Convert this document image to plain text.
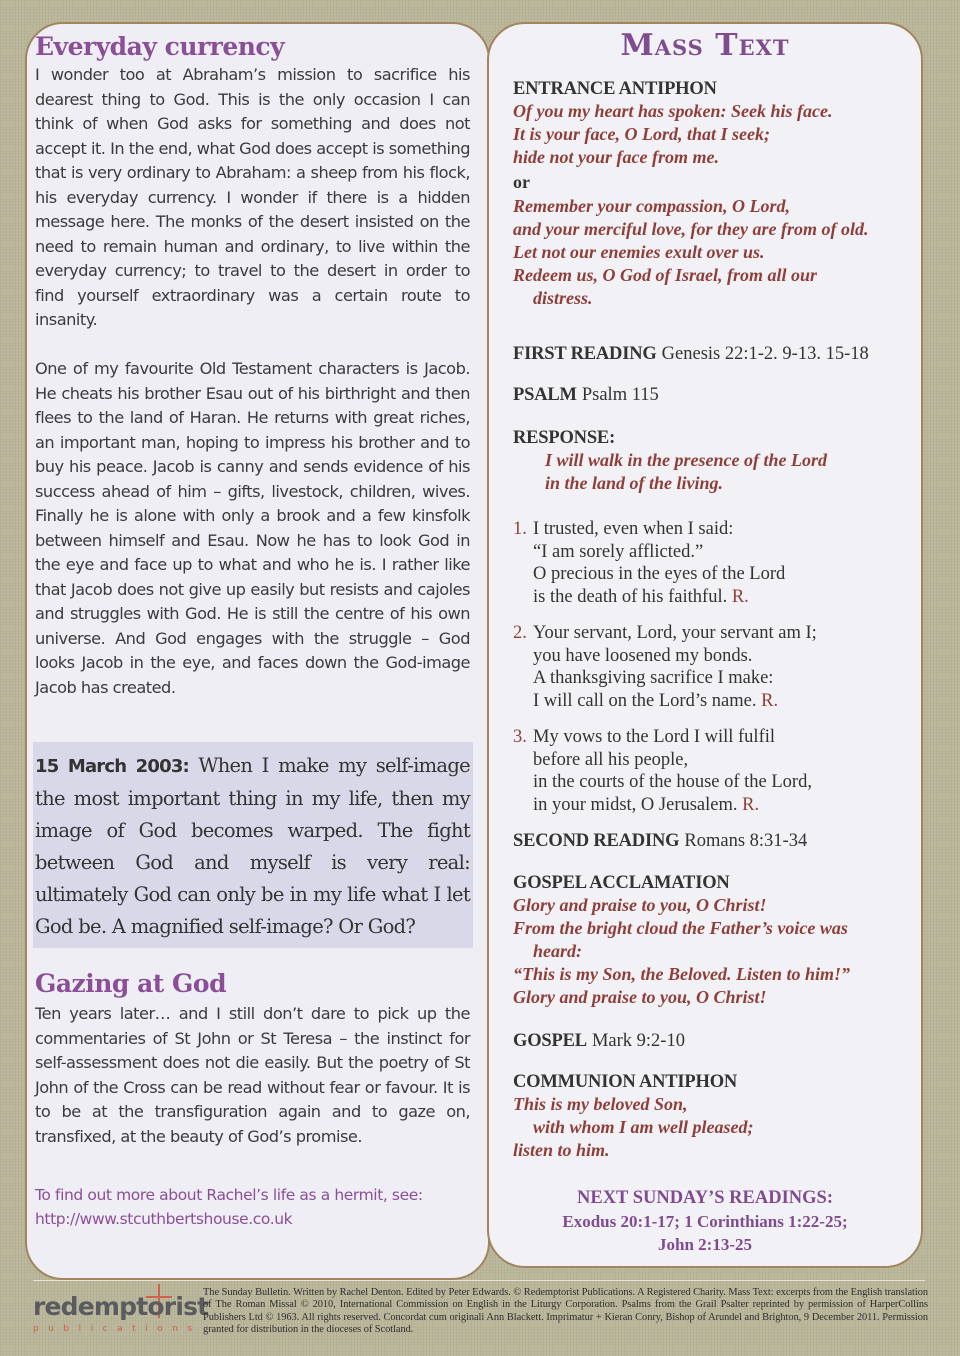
Everyday currency

I wonder too at Abraham’s mission to sacrifice his dearest thing to God. This is the only occasion I can think of when God asks for something and does not accept it. In the end, what God does accept is something that is very ordinary to Abraham: a sheep from his flock, his everyday currency. I wonder if there is a hidden message here. The monks of the desert insisted on the need to remain human and ordinary, to live within the everyday currency; to travel to the desert in order to find yourself extraordinary was a certain route to insanity.

One of my favourite Old Testament characters is Jacob. He cheats his brother Esau out of his birthright and then flees to the land of Haran. He returns with great riches, an important man, hoping to impress his brother and to buy his peace. Jacob is canny and sends evidence of his success ahead of him – gifts, livestock, children, wives. Finally he is alone with only a brook and a few kinsfolk between himself and Esau. Now he has to look God in the eye and face up to what and who he is. I rather like that Jacob does not give up easily but resists and cajoles and struggles with God. He is still the centre of his own universe. And God engages with the struggle – God looks Jacob in the eye, and faces down the God-image Jacob has created.

15 March 2003: When I make my self-image the most important thing in my life, then my image of God becomes warped. The fight between God and myself is very real: ultimately God can only be in my life what I let God be. A magnified self-image? Or God?

Gazing at God

Ten years later… and I still don’t dare to pick up the commentaries of St John or St Teresa – the instinct for self-assessment does not die easily. But the poetry of St John of the Cross can be read without fear or favour. It is to be at the transfiguration again and to gaze on, transfixed, at the beauty of God’s promise.

To find out more about Rachel’s life as a hermit, see:
http://www.stcuthbertshouse.co.uk
Mass Text
ENTRANCE ANTIPHON
Of you my heart has spoken: Seek his face.
It is your face, O Lord, that I seek;
hide not your face from me.
or
Remember your compassion, O Lord,
and your merciful love, for they are from of old.
Let not our enemies exult over us.
Redeem us, O God of Israel, from all our
distress.
FIRST READING Genesis 22:1-2. 9-13. 15-18
PSALM Psalm 115
RESPONSE:
I will walk in the presence of the Lord
in the land of the living.
1. I trusted, even when I said:
“I am sorely afflicted.”
O precious in the eyes of the Lord
is the death of his faithful. R.
2. Your servant, Lord, your servant am I;
you have loosened my bonds.
A thanksgiving sacrifice I make:
I will call on the Lord’s name. R.
3. My vows to the Lord I will fulfil
before all his people,
in the courts of the house of the Lord,
in your midst, O Jerusalem. R.
SECOND READING Romans 8:31-34
GOSPEL ACCLAMATION
Glory and praise to you, O Christ!
From the bright cloud the Father’s voice was
heard:
“This is my Son, the Beloved. Listen to him!”
Glory and praise to you, O Christ!
GOSPEL Mark 9:2-10
COMMUNION ANTIPHON
This is my beloved Son,
with whom I am well pleased;
listen to him.
NEXT SUNDAY’S READINGS:
Exodus 20:1-17; 1 Corinthians 1:22-25;
John 2:13-25
redemptorist
publications
The Sunday Bulletin. Written by Rachel Denton. Edited by Peter Edwards. © Redemptorist Publications. A Registered Charity. Mass Text: excerpts from the English translation of The Roman Missal © 2010, International Commission on English in the Liturgy Corporation. Psalms from the Grail Psalter reprinted by permission of HarperCollins Publishers Ltd © 1963. All rights reserved. Concordat cum originali Ann Blackett. Imprimatur + Kieran Conry, Bishop of Arundel and Brighton, 9 December 2011. Permission granted for distribution in the dioceses of Scotland.
